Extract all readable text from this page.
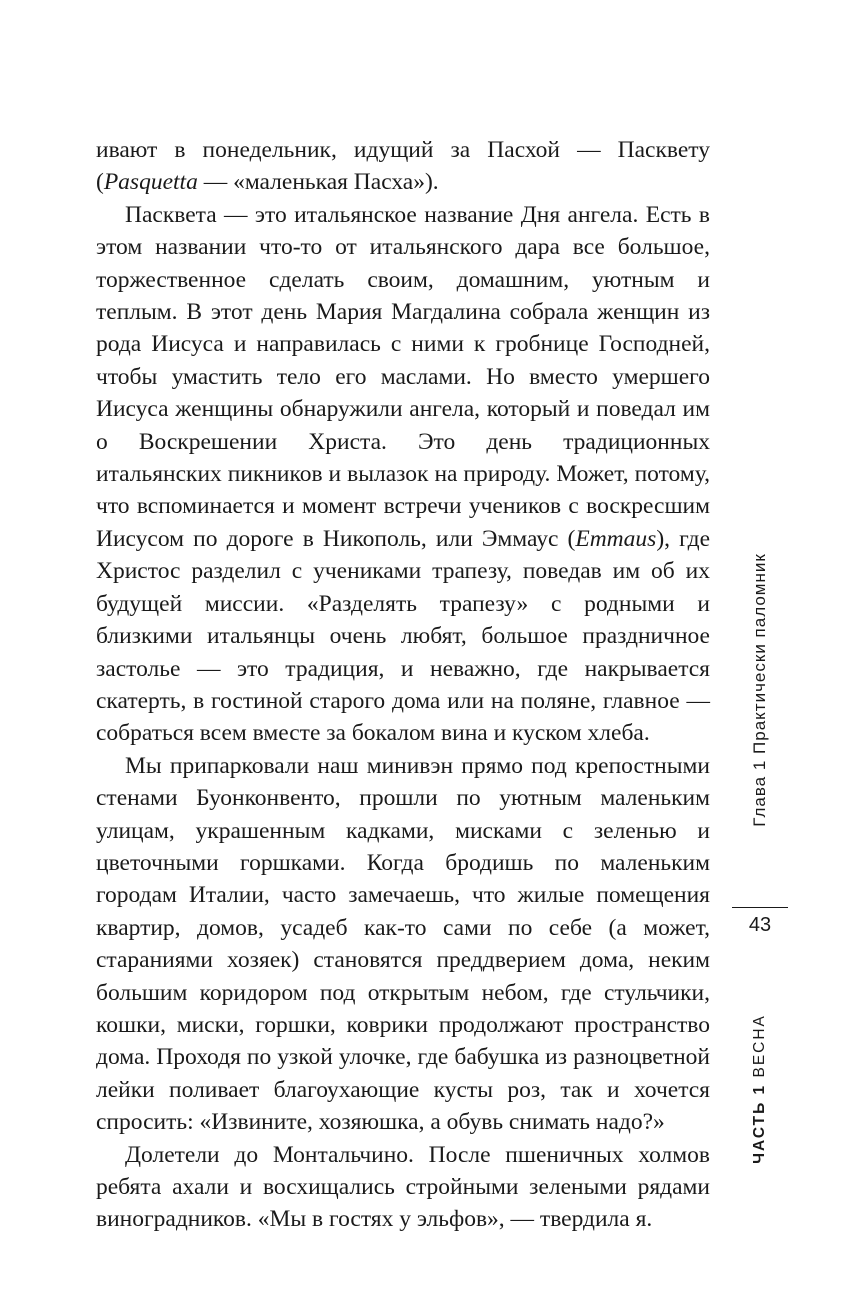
ивают в понедельник, идущий за Пасхой — Пасквету (Pasquetta — «маленькая Пасха»).

Пасквета — это итальянское название Дня ангела. Есть в этом названии что-то от итальянского дара все большое, торжественное сделать своим, домашним, уютным и теплым. В этот день Мария Магдалина собрала женщин из рода Иисуса и направилась с ними к гробнице Господней, чтобы умастить тело его маслами. Но вместо умершего Иисуса женщины обнаружили ангела, который и поведал им о Воскрешении Христа. Это день традиционных итальянских пикников и вылазок на природу. Может, потому, что вспоминается и момент встречи учеников с воскресшим Иисусом по дороге в Никополь, или Эммаус (Emmaus), где Христос разделил с учениками трапезу, поведав им об их будущей миссии. «Разделять трапезу» с родными и близкими итальянцы очень любят, большое праздничное застолье — это традиция, и неважно, где накрывается скатерть, в гостиной старого дома или на поляне, главное — собраться всем вместе за бокалом вина и куском хлеба.

Мы припарковали наш минивэн прямо под крепостными стенами Буонконвенто, прошли по уютным маленьким улицам, украшенным кадками, мисками с зеленью и цветочными горшками. Когда бродишь по маленьким городам Италии, часто замечаешь, что жилые помещения квартир, домов, усадеб как-то сами по себе (а может, стараниями хозяек) становятся преддверием дома, неким большим коридором под открытым небом, где стульчики, кошки, миски, горшки, коврики продолжают пространство дома. Проходя по узкой улочке, где бабушка из разноцветной лейки поливает благоухающие кусты роз, так и хочется спросить: «Извините, хозяюшка, а обувь снимать надо?»

Долетели до Монтальчино. После пшеничных холмов ребята ахали и восхищались стройными зелеными рядами виноградников. «Мы в гостях у эльфов», — твердила я.

Глава 1 Практически паломник
43
ЧАСТЬ 1 ВЕСНА
